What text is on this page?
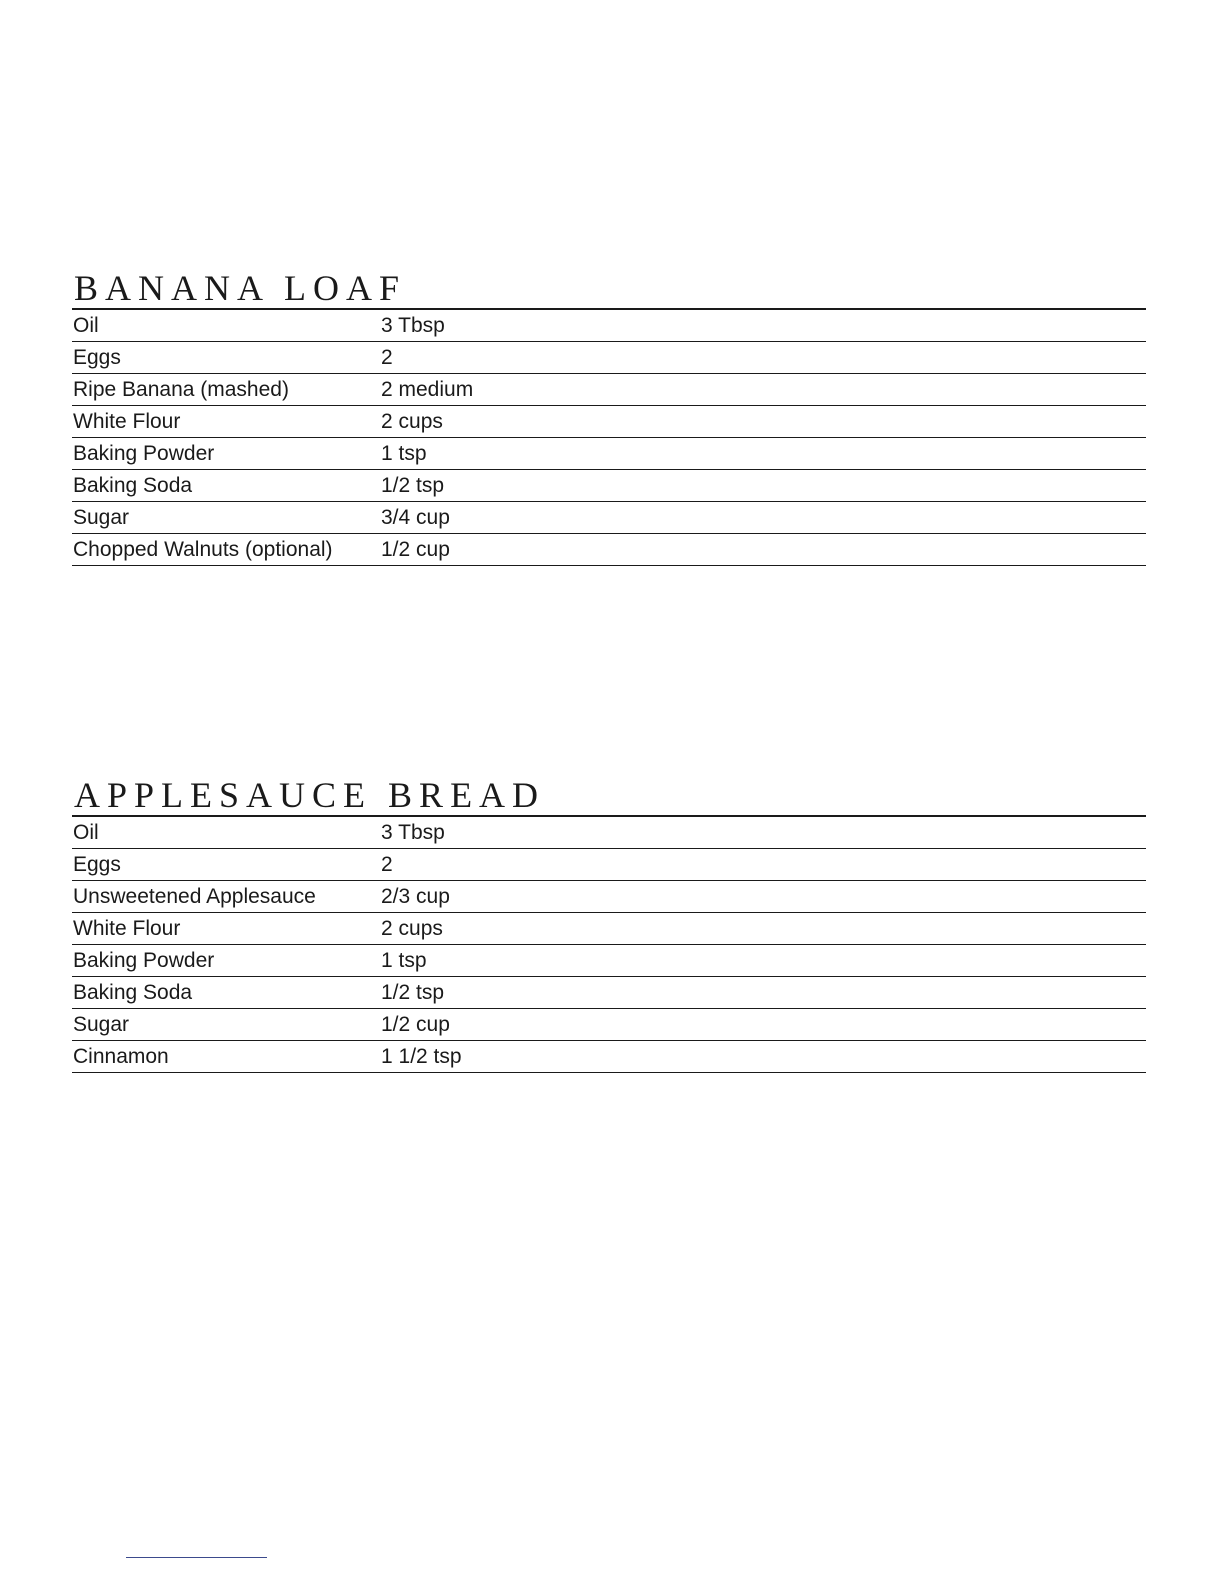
BANANA LOAF
Oil	3 Tbsp
Eggs	2
Ripe Banana (mashed)	2 medium
White Flour	2 cups
Baking Powder	1 tsp
Baking Soda	1/2 tsp
Sugar	3/4 cup
Chopped Walnuts (optional)	1/2 cup
APPLESAUCE BREAD
Oil	3 Tbsp
Eggs	2
Unsweetened Applesauce	2/3 cup
White Flour	2 cups
Baking Powder	1 tsp
Baking Soda	1/2 tsp
Sugar	1/2 cup
Cinnamon	1 1/2 tsp
